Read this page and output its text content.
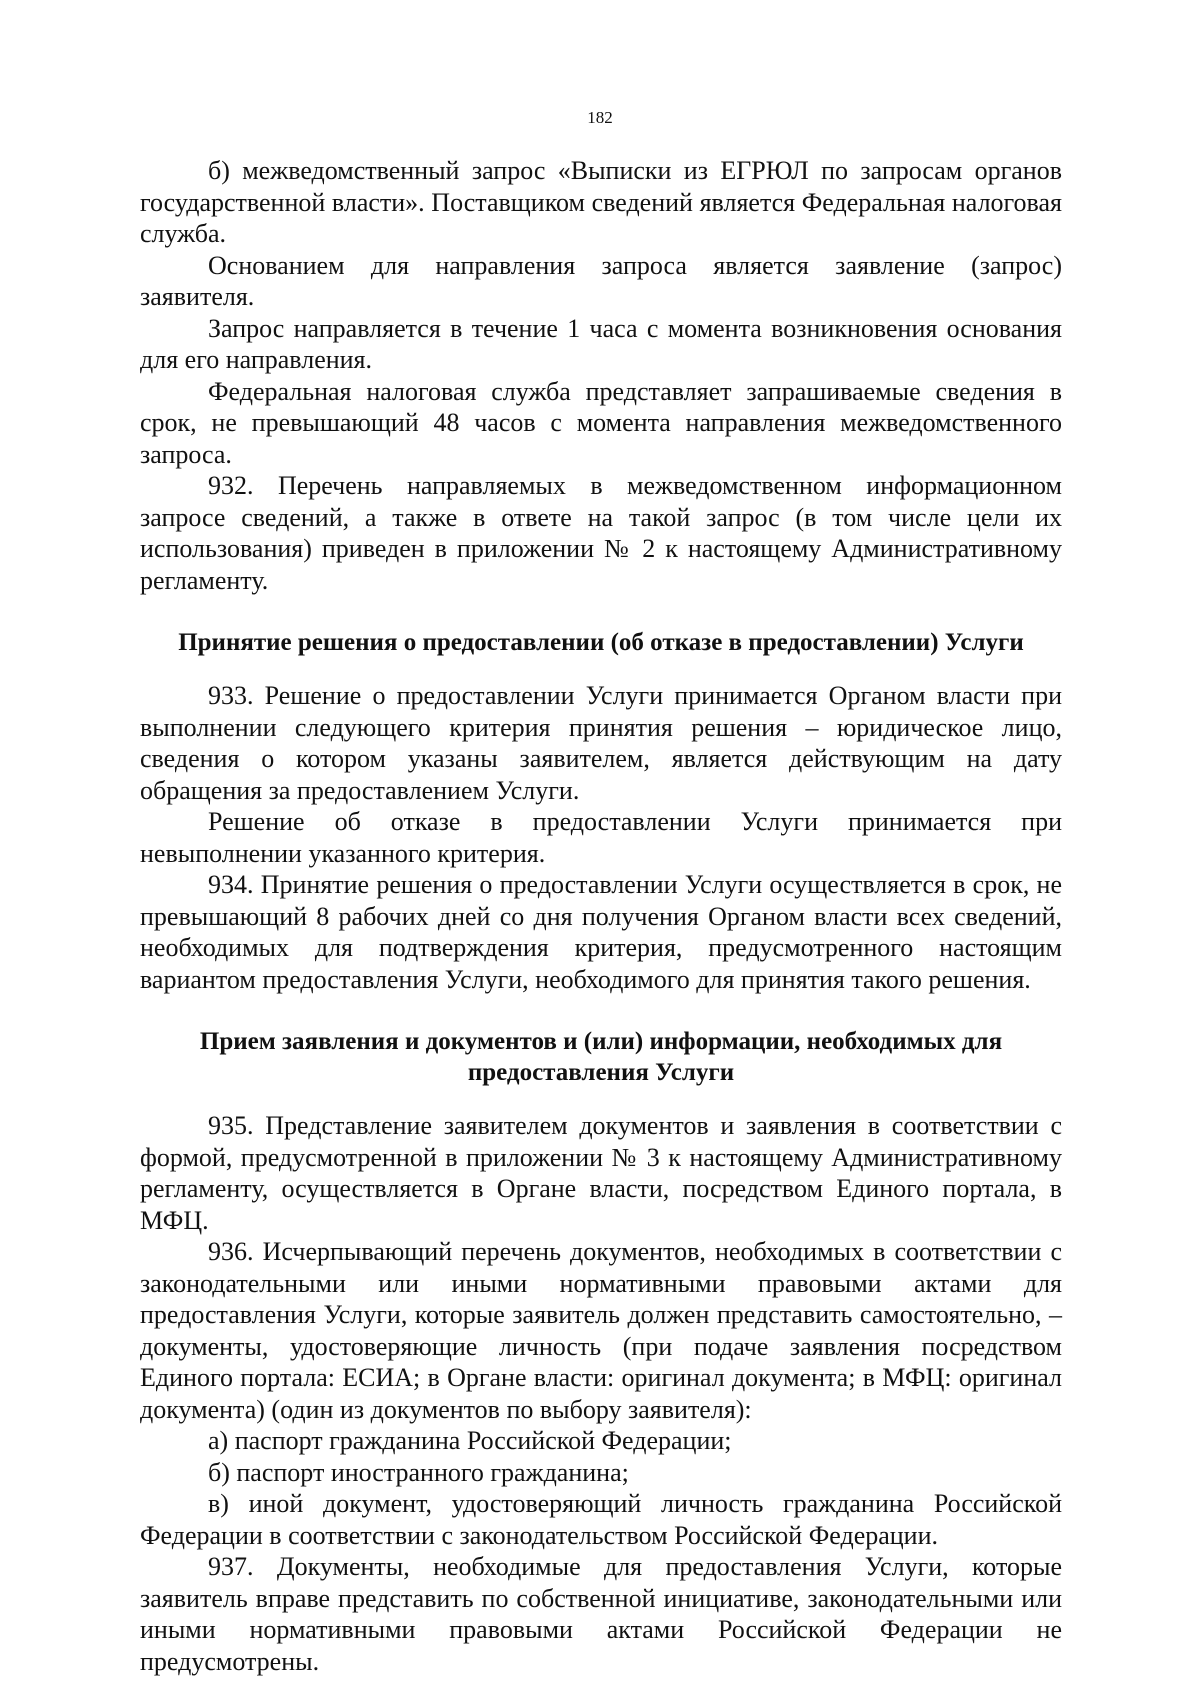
182

б) межведомственный запрос «Выписки из ЕГРЮЛ по запросам органов государственной власти». Поставщиком сведений является Федеральная налоговая служба.

Основанием для направления запроса является заявление (запрос) заявителя.

Запрос направляется в течение 1 часа с момента возникновения основания для его направления.

Федеральная налоговая служба представляет запрашиваемые сведения в срок, не превышающий 48 часов с момента направления межведомственного запроса.

932. Перечень направляемых в межведомственном информационном запросе сведений, а также в ответе на такой запрос (в том числе цели их использования) приведен в приложении № 2 к настоящему Административному регламенту.

Принятие решения о предоставлении (об отказе в предоставлении) Услуги

933. Решение о предоставлении Услуги принимается Органом власти при выполнении следующего критерия принятия решения – юридическое лицо, сведения о котором указаны заявителем, является действующим на дату обращения за предоставлением Услуги.

Решение об отказе в предоставлении Услуги принимается при невыполнении указанного критерия.

934. Принятие решения о предоставлении Услуги осуществляется в срок, не превышающий 8 рабочих дней со дня получения Органом власти всех сведений, необходимых для подтверждения критерия, предусмотренного настоящим вариантом предоставления Услуги, необходимого для принятия такого решения.

Прием заявления и документов и (или) информации, необходимых для предоставления Услуги

935. Представление заявителем документов и заявления в соответствии с формой, предусмотренной в приложении № 3 к настоящему Административному регламенту, осуществляется в Органе власти, посредством Единого портала, в МФЦ.

936. Исчерпывающий перечень документов, необходимых в соответствии с законодательными или иными нормативными правовыми актами для предоставления Услуги, которые заявитель должен представить самостоятельно, – документы, удостоверяющие личность (при подаче заявления посредством Единого портала: ЕСИА; в Органе власти: оригинал документа; в МФЦ: оригинал документа) (один из документов по выбору заявителя):

а) паспорт гражданина Российской Федерации;

б) паспорт иностранного гражданина;

в) иной документ, удостоверяющий личность гражданина Российской Федерации в соответствии с законодательством Российской Федерации.

937. Документы, необходимые для предоставления Услуги, которые заявитель вправе представить по собственной инициативе, законодательными или иными нормативными правовыми актами Российской Федерации не предусмотрены.
